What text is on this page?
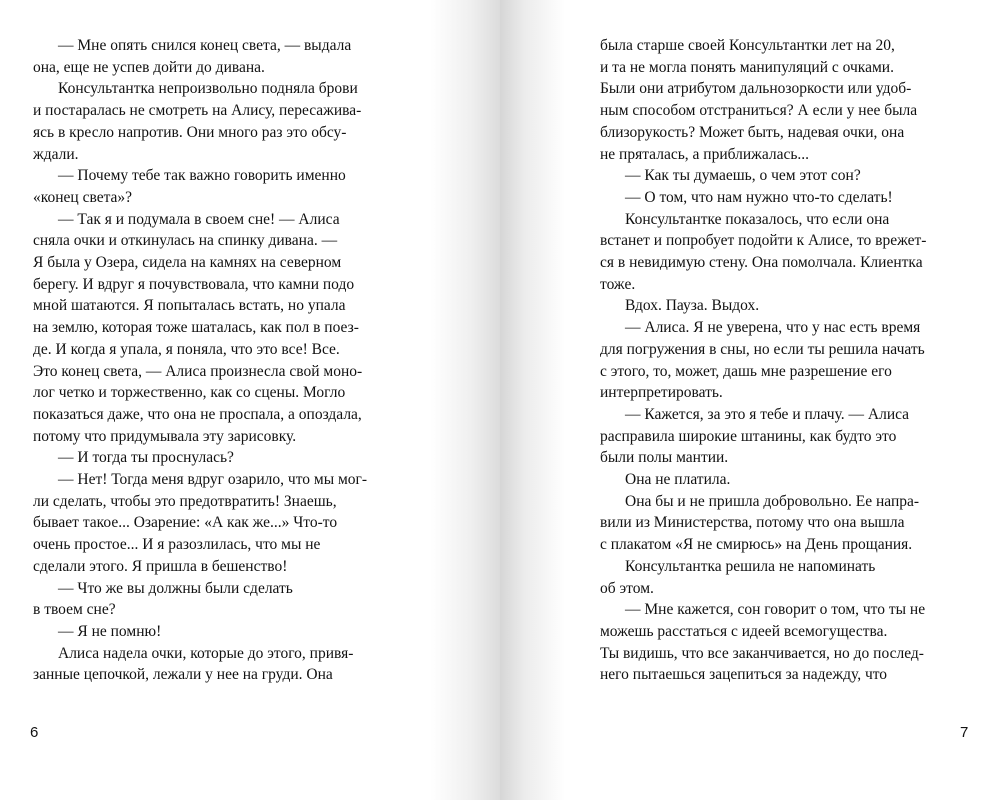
— Мне опять снился конец света, — выдала
она, еще не успев дойти до дивана.
Консультантка непроизвольно подняла брови
и постаралась не смотреть на Алису, пересажива-
ясь в кресло напротив. Они много раз это обсу-
ждали.
— Почему тебе так важно говорить именно
«конец света»?
— Так я и подумала в своем сне! — Алиса
сняла очки и откинулась на спинку дивана. —
Я была у Озера, сидела на камнях на северном
берегу. И вдруг я почувствовала, что камни подо
мной шатаются. Я попыталась встать, но упала
на землю, которая тоже шаталась, как пол в поез-
де. И когда я упала, я поняла, что это все! Все.
Это конец света, — Алиса произнесла свой моно-
лог четко и торжественно, как со сцены. Могло
показаться даже, что она не проспала, а опоздала,
потому что придумывала эту зарисовку.
— И тогда ты проснулась?
— Нет! Тогда меня вдруг озарило, что мы мог-
ли сделать, чтобы это предотвратить! Знаешь,
бывает такое... Озарение: «А как же...» Что-то
очень простое... И я разозлилась, что мы не
сделали этого. Я пришла в бешенство!
— Что же вы должны были сделать
в твоем сне?
— Я не помню!
Алиса надела очки, которые до этого, привя-
занные цепочкой, лежали у нее на груди. Она
6
была старше своей Консультантки лет на 20,
и та не могла понять манипуляций с очками.
Были они атрибутом дальнозоркости или удоб-
ным способом отстраниться? А если у нее была
близорукость? Может быть, надевая очки, она
не пряталась, а приближалась...
— Как ты думаешь, о чем этот сон?
— О том, что нам нужно что-то сделать!
Консультантке показалось, что если она
встанет и попробует подойти к Алисе, то врежет-
ся в невидимую стену. Она помолчала. Клиентка
тоже.
Вдох. Пауза. Выдох.
— Алиса. Я не уверена, что у нас есть время
для погружения в сны, но если ты решила начать
с этого, то, может, дашь мне разрешение его
интерпретировать.
— Кажется, за это я тебе и плачу. — Алиса
расправила широкие штанины, как будто это
были полы мантии.
Она не платила.
Она бы и не пришла добровольно. Ее напра-
вили из Министерства, потому что она вышла
с плакатом «Я не смирюсь» на День прощания.
Консультантка решила не напоминать
об этом.
— Мне кажется, сон говорит о том, что ты не
можешь расстаться с идеей всемогущества.
Ты видишь, что все заканчивается, но до послед-
него пытаешься зацепиться за надежду, что
7
